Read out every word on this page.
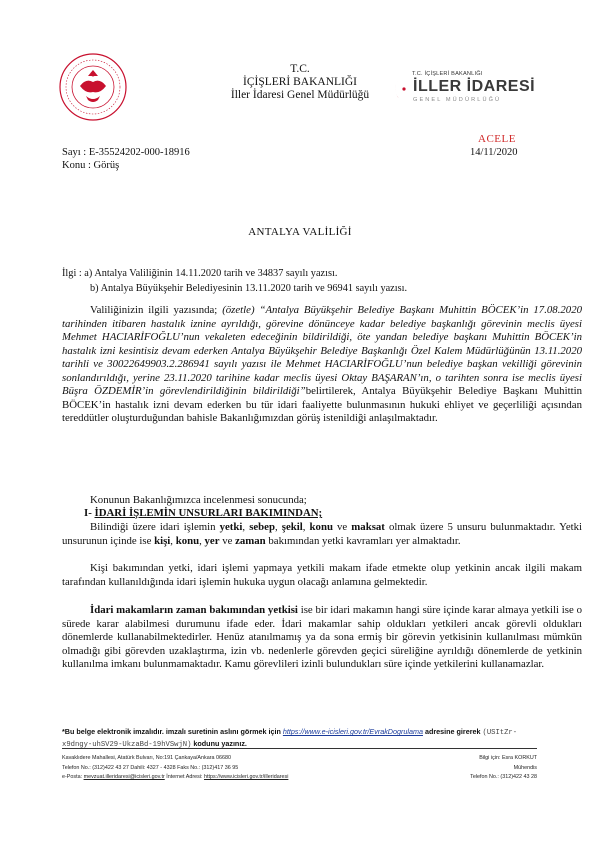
T.C.
İÇİŞLERİ BAKANLIĞI
İller İdaresi Genel Müdürlüğü
T.C. İÇİŞLERİ BAKANLIĞI
İLLER İDARESİ
GENEL MÜDÜRLÜĞÜ
ACELE
Sayı : E-35524202-000-18916	14/11/2020
Konu : Görüş
ANTALYA VALİLİĞİ
İlgi : a) Antalya Valiliğinin 14.11.2020 tarih ve 34837 sayılı yazısı.
b) Antalya Büyükşehir Belediyesinin 13.11.2020 tarih ve 96941 sayılı yazısı.
Valiliğinizin ilgili yazısında; (özetle) “Antalya Büyükşehir Belediye Başkanı Muhittin BÖCEK’in 17.08.2020 tarihinden itibaren hastalık iznine ayrıldığı, görevine dönünceye kadar belediye başkanlığı görevinin meclis üyesi Mehmet HACIARİFOĞLU’nun vekaleten edeceğinin bildirildiği, öte yandan belediye başkanı Muhittin BÖCEK’in hastalık izni kesintisiz devam ederken Antalya Büyükşehir Belediye Başkanlığı Özel Kalem Müdürlüğünün 13.11.2020 tarihli ve 30022649903.2.286941 sayılı yazısı ile Mehmet HACIARİFOĞLU’nun belediye başkan vekilliği görevinin sonlandırıldığı, yerine 23.11.2020 tarihine kadar meclis üyesi Oktay BAŞARAN’ın, o tarihten sonra ise meclis üyesi Büşra ÖZDEMİR’in görevlendirildiğinin bildirildiği”belirtilerek, Antalya Büyükşehir Belediye Başkanı Muhittin BÖCEK’in hastalık izni devam ederken bu tür idari faaliyette bulunmasının hukuki ehliyet ve geçerliliği açısından tereddütler oluşturduğundan bahisle Bakanlığımızdan görüş istenildiği anlaşılmaktadır.
Konunun Bakanlığımızca incelenmesi sonucunda;
I- İDARİ İŞLEMİN UNSURLARI BAKIMINDAN;
Bilindiği üzere idari işlemin yetki, sebep, şekil, konu ve maksat olmak üzere 5 unsuru bulunmaktadır. Yetki unsurunun içinde ise kişi, konu, yer ve zaman bakımından yetki kavramları yer almaktadır.
Kişi bakımından yetki, idari işlemi yapmaya yetkili makam ifade etmekte olup yetkinin ancak ilgili makam tarafından kullanıldığında idari işlemin hukuka uygun olacağı anlamına gelmektedir.
İdari makamların zaman bakımından yetkisi ise bir idari makamın hangi süre içinde karar almaya yetkili ise o sürede karar alabilmesi durumunu ifade eder. İdari makamlar sahip oldukları yetkileri ancak görevli oldukları dönemlerde kullanabilmektedirler. Henüz atanılmamış ya da sona ermiş bir görevin yetkisinin kullanılması mümkün olmadığı gibi görevden uzaklaştırma, izin vb. nedenlerle görevden geçici süreliğine ayrıldığı dönemlerde de yetkinin kullanılma imkanı bulunmamaktadır. Kamu görevlileri izinli bulundukları süre içinde yetkilerini kullanamazlar.
*Bu belge elektronik imzalıdır. imzalı suretinin aslını görmek için https://www.e-icisleri.gov.tr/EvrakDogrulama adresine girerek (USItZr-x9dngy-uhSV29-UkzaBd-19hVSwjN) kodunu yazınız.
Kavaklıdere Mahallesi, Atatürk Bulvarı, No:191 Çankaya/Ankara 06680
Telefon No.: (312)422 43 27 Dahili: 4327 - 4328 Faks No.: (312)417 36 95
e-Posta: mevzuat.illeridaresi@icisleri.gov.tr İnternet Adresi: https://www.icisleri.gov.tr/illeridaresi
Bilgi için: Esra KORKUT
Mühendis
Telefon No.: (312)422 43 28
